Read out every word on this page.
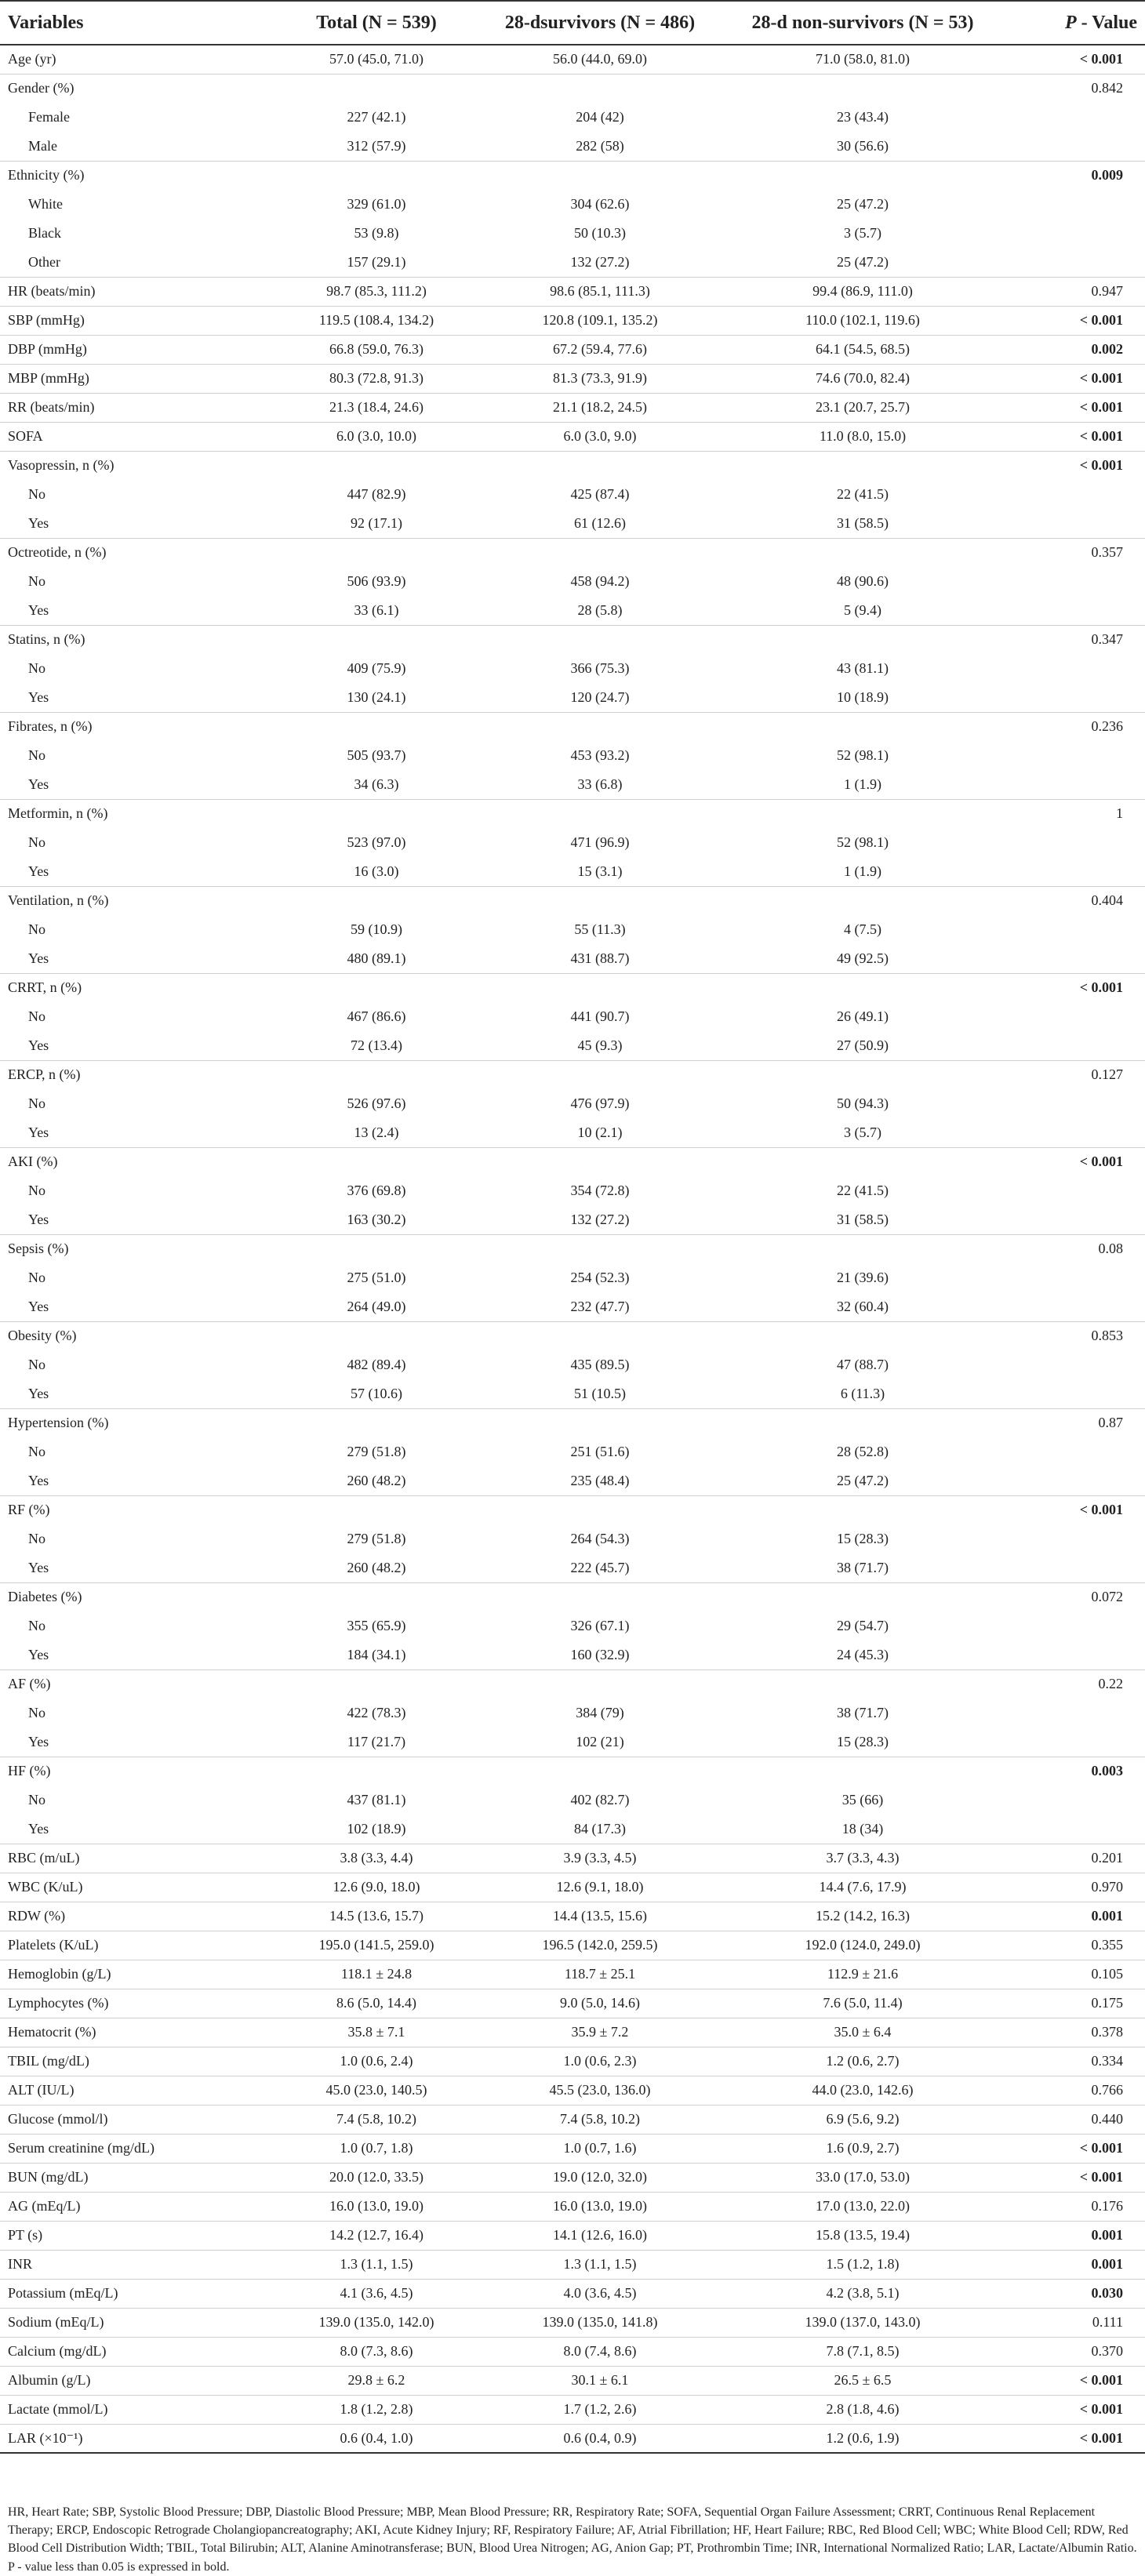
Variables	Total (N = 539)	28-dsurvivors (N = 486)	28-d non-survivors (N = 53)	P - Value
Age (yr)	57.0 (45.0, 71.0)	56.0 (44.0, 69.0)	71.0 (58.0, 81.0)	< 0.001
Gender (%)				0.842
Female	227 (42.1)	204 (42)	23 (43.4)	
Male	312 (57.9)	282 (58)	30 (56.6)	
Ethnicity (%)				0.009
White	329 (61.0)	304 (62.6)	25 (47.2)	
Black	53 (9.8)	50 (10.3)	3 (5.7)	
Other	157 (29.1)	132 (27.2)	25 (47.2)	
HR (beats/min)	98.7 (85.3, 111.2)	98.6 (85.1, 111.3)	99.4 (86.9, 111.0)	0.947
SBP (mmHg)	119.5 (108.4, 134.2)	120.8 (109.1, 135.2)	110.0 (102.1, 119.6)	< 0.001
DBP (mmHg)	66.8 (59.0, 76.3)	67.2 (59.4, 77.6)	64.1 (54.5, 68.5)	0.002
MBP (mmHg)	80.3 (72.8, 91.3)	81.3 (73.3, 91.9)	74.6 (70.0, 82.4)	< 0.001
RR (beats/min)	21.3 (18.4, 24.6)	21.1 (18.2, 24.5)	23.1 (20.7, 25.7)	< 0.001
SOFA	6.0 (3.0, 10.0)	6.0 (3.0, 9.0)	11.0 (8.0, 15.0)	< 0.001
Vasopressin, n (%)				< 0.001
No	447 (82.9)	425 (87.4)	22 (41.5)	
Yes	92 (17.1)	61 (12.6)	31 (58.5)	
Octreotide, n (%)				0.357
No	506 (93.9)	458 (94.2)	48 (90.6)	
Yes	33 (6.1)	28 (5.8)	5 (9.4)	
Statins, n (%)				0.347
No	409 (75.9)	366 (75.3)	43 (81.1)	
Yes	130 (24.1)	120 (24.7)	10 (18.9)	
Fibrates, n (%)				0.236
No	505 (93.7)	453 (93.2)	52 (98.1)	
Yes	34 (6.3)	33 (6.8)	1 (1.9)	
Metformin, n (%)				1
No	523 (97.0)	471 (96.9)	52 (98.1)	
Yes	16 (3.0)	15 (3.1)	1 (1.9)	
Ventilation, n (%)				0.404
No	59 (10.9)	55 (11.3)	4 (7.5)	
Yes	480 (89.1)	431 (88.7)	49 (92.5)	
CRRT, n (%)				< 0.001
No	467 (86.6)	441 (90.7)	26 (49.1)	
Yes	72 (13.4)	45 (9.3)	27 (50.9)	
ERCP, n (%)				0.127
No	526 (97.6)	476 (97.9)	50 (94.3)	
Yes	13 (2.4)	10 (2.1)	3 (5.7)	
AKI (%)				< 0.001
No	376 (69.8)	354 (72.8)	22 (41.5)	
Yes	163 (30.2)	132 (27.2)	31 (58.5)	
Sepsis (%)				0.08
No	275 (51.0)	254 (52.3)	21 (39.6)	
Yes	264 (49.0)	232 (47.7)	32 (60.4)	
Obesity (%)				0.853
No	482 (89.4)	435 (89.5)	47 (88.7)	
Yes	57 (10.6)	51 (10.5)	6 (11.3)	
Hypertension (%)				0.87
No	279 (51.8)	251 (51.6)	28 (52.8)	
Yes	260 (48.2)	235 (48.4)	25 (47.2)	
RF (%)				< 0.001
No	279 (51.8)	264 (54.3)	15 (28.3)	
Yes	260 (48.2)	222 (45.7)	38 (71.7)	
Diabetes (%)				0.072
No	355 (65.9)	326 (67.1)	29 (54.7)	
Yes	184 (34.1)	160 (32.9)	24 (45.3)	
AF (%)				0.22
No	422 (78.3)	384 (79)	38 (71.7)	
Yes	117 (21.7)	102 (21)	15 (28.3)	
HF (%)				0.003
No	437 (81.1)	402 (82.7)	35 (66)	
Yes	102 (18.9)	84 (17.3)	18 (34)	
RBC (m/uL)	3.8 (3.3, 4.4)	3.9 (3.3, 4.5)	3.7 (3.3, 4.3)	0.201
WBC (K/uL)	12.6 (9.0, 18.0)	12.6 (9.1, 18.0)	14.4 (7.6, 17.9)	0.970
RDW (%)	14.5 (13.6, 15.7)	14.4 (13.5, 15.6)	15.2 (14.2, 16.3)	0.001
Platelets (K/uL)	195.0 (141.5, 259.0)	196.5 (142.0, 259.5)	192.0 (124.0, 249.0)	0.355
Hemoglobin (g/L)	118.1 ± 24.8	118.7 ± 25.1	112.9 ± 21.6	0.105
Lymphocytes (%)	8.6 (5.0, 14.4)	9.0 (5.0, 14.6)	7.6 (5.0, 11.4)	0.175
Hematocrit (%)	35.8 ± 7.1	35.9 ± 7.2	35.0 ± 6.4	0.378
TBIL (mg/dL)	1.0 (0.6, 2.4)	1.0 (0.6, 2.3)	1.2 (0.6, 2.7)	0.334
ALT (IU/L)	45.0 (23.0, 140.5)	45.5 (23.0, 136.0)	44.0 (23.0, 142.6)	0.766
Glucose (mmol/l)	7.4 (5.8, 10.2)	7.4 (5.8, 10.2)	6.9 (5.6, 9.2)	0.440
Serum creatinine (mg/dL)	1.0 (0.7, 1.8)	1.0 (0.7, 1.6)	1.6 (0.9, 2.7)	< 0.001
BUN (mg/dL)	20.0 (12.0, 33.5)	19.0 (12.0, 32.0)	33.0 (17.0, 53.0)	< 0.001
AG (mEq/L)	16.0 (13.0, 19.0)	16.0 (13.0, 19.0)	17.0 (13.0, 22.0)	0.176
PT (s)	14.2 (12.7, 16.4)	14.1 (12.6, 16.0)	15.8 (13.5, 19.4)	0.001
INR	1.3 (1.1, 1.5)	1.3 (1.1, 1.5)	1.5 (1.2, 1.8)	0.001
Potassium (mEq/L)	4.1 (3.6, 4.5)	4.0 (3.6, 4.5)	4.2 (3.8, 5.1)	0.030
Sodium (mEq/L)	139.0 (135.0, 142.0)	139.0 (135.0, 141.8)	139.0 (137.0, 143.0)	0.111
Calcium (mg/dL)	8.0 (7.3, 8.6)	8.0 (7.4, 8.6)	7.8 (7.1, 8.5)	0.370
Albumin (g/L)	29.8 ± 6.2	30.1 ± 6.1	26.5 ± 6.5	< 0.001
Lactate (mmol/L)	1.8 (1.2, 2.8)	1.7 (1.2, 2.6)	2.8 (1.8, 4.6)	< 0.001
LAR (×10⁻¹)	0.6 (0.4, 1.0)	0.6 (0.4, 0.9)	1.2 (0.6, 1.9)	< 0.001
HR, Heart Rate; SBP, Systolic Blood Pressure; DBP, Diastolic Blood Pressure; MBP, Mean Blood Pressure; RR, Respiratory Rate; SOFA, Sequential Organ Failure Assessment; CRRT, Continuous Renal Replacement Therapy; ERCP, Endoscopic Retrograde Cholangiopancreatography; AKI, Acute Kidney Injury; RF, Respiratory Failure; AF, Atrial Fibrillation; HF, Heart Failure; RBC, Red Blood Cell; WBC; White Blood Cell; RDW, Red Blood Cell Distribution Width; TBIL, Total Bilirubin; ALT, Alanine Aminotransferase; BUN, Blood Urea Nitrogen; AG, Anion Gap; PT, Prothrombin Time; INR, International Normalized Ratio; LAR, Lactate/Albumin Ratio. P - value less than 0.05 is expressed in bold.
